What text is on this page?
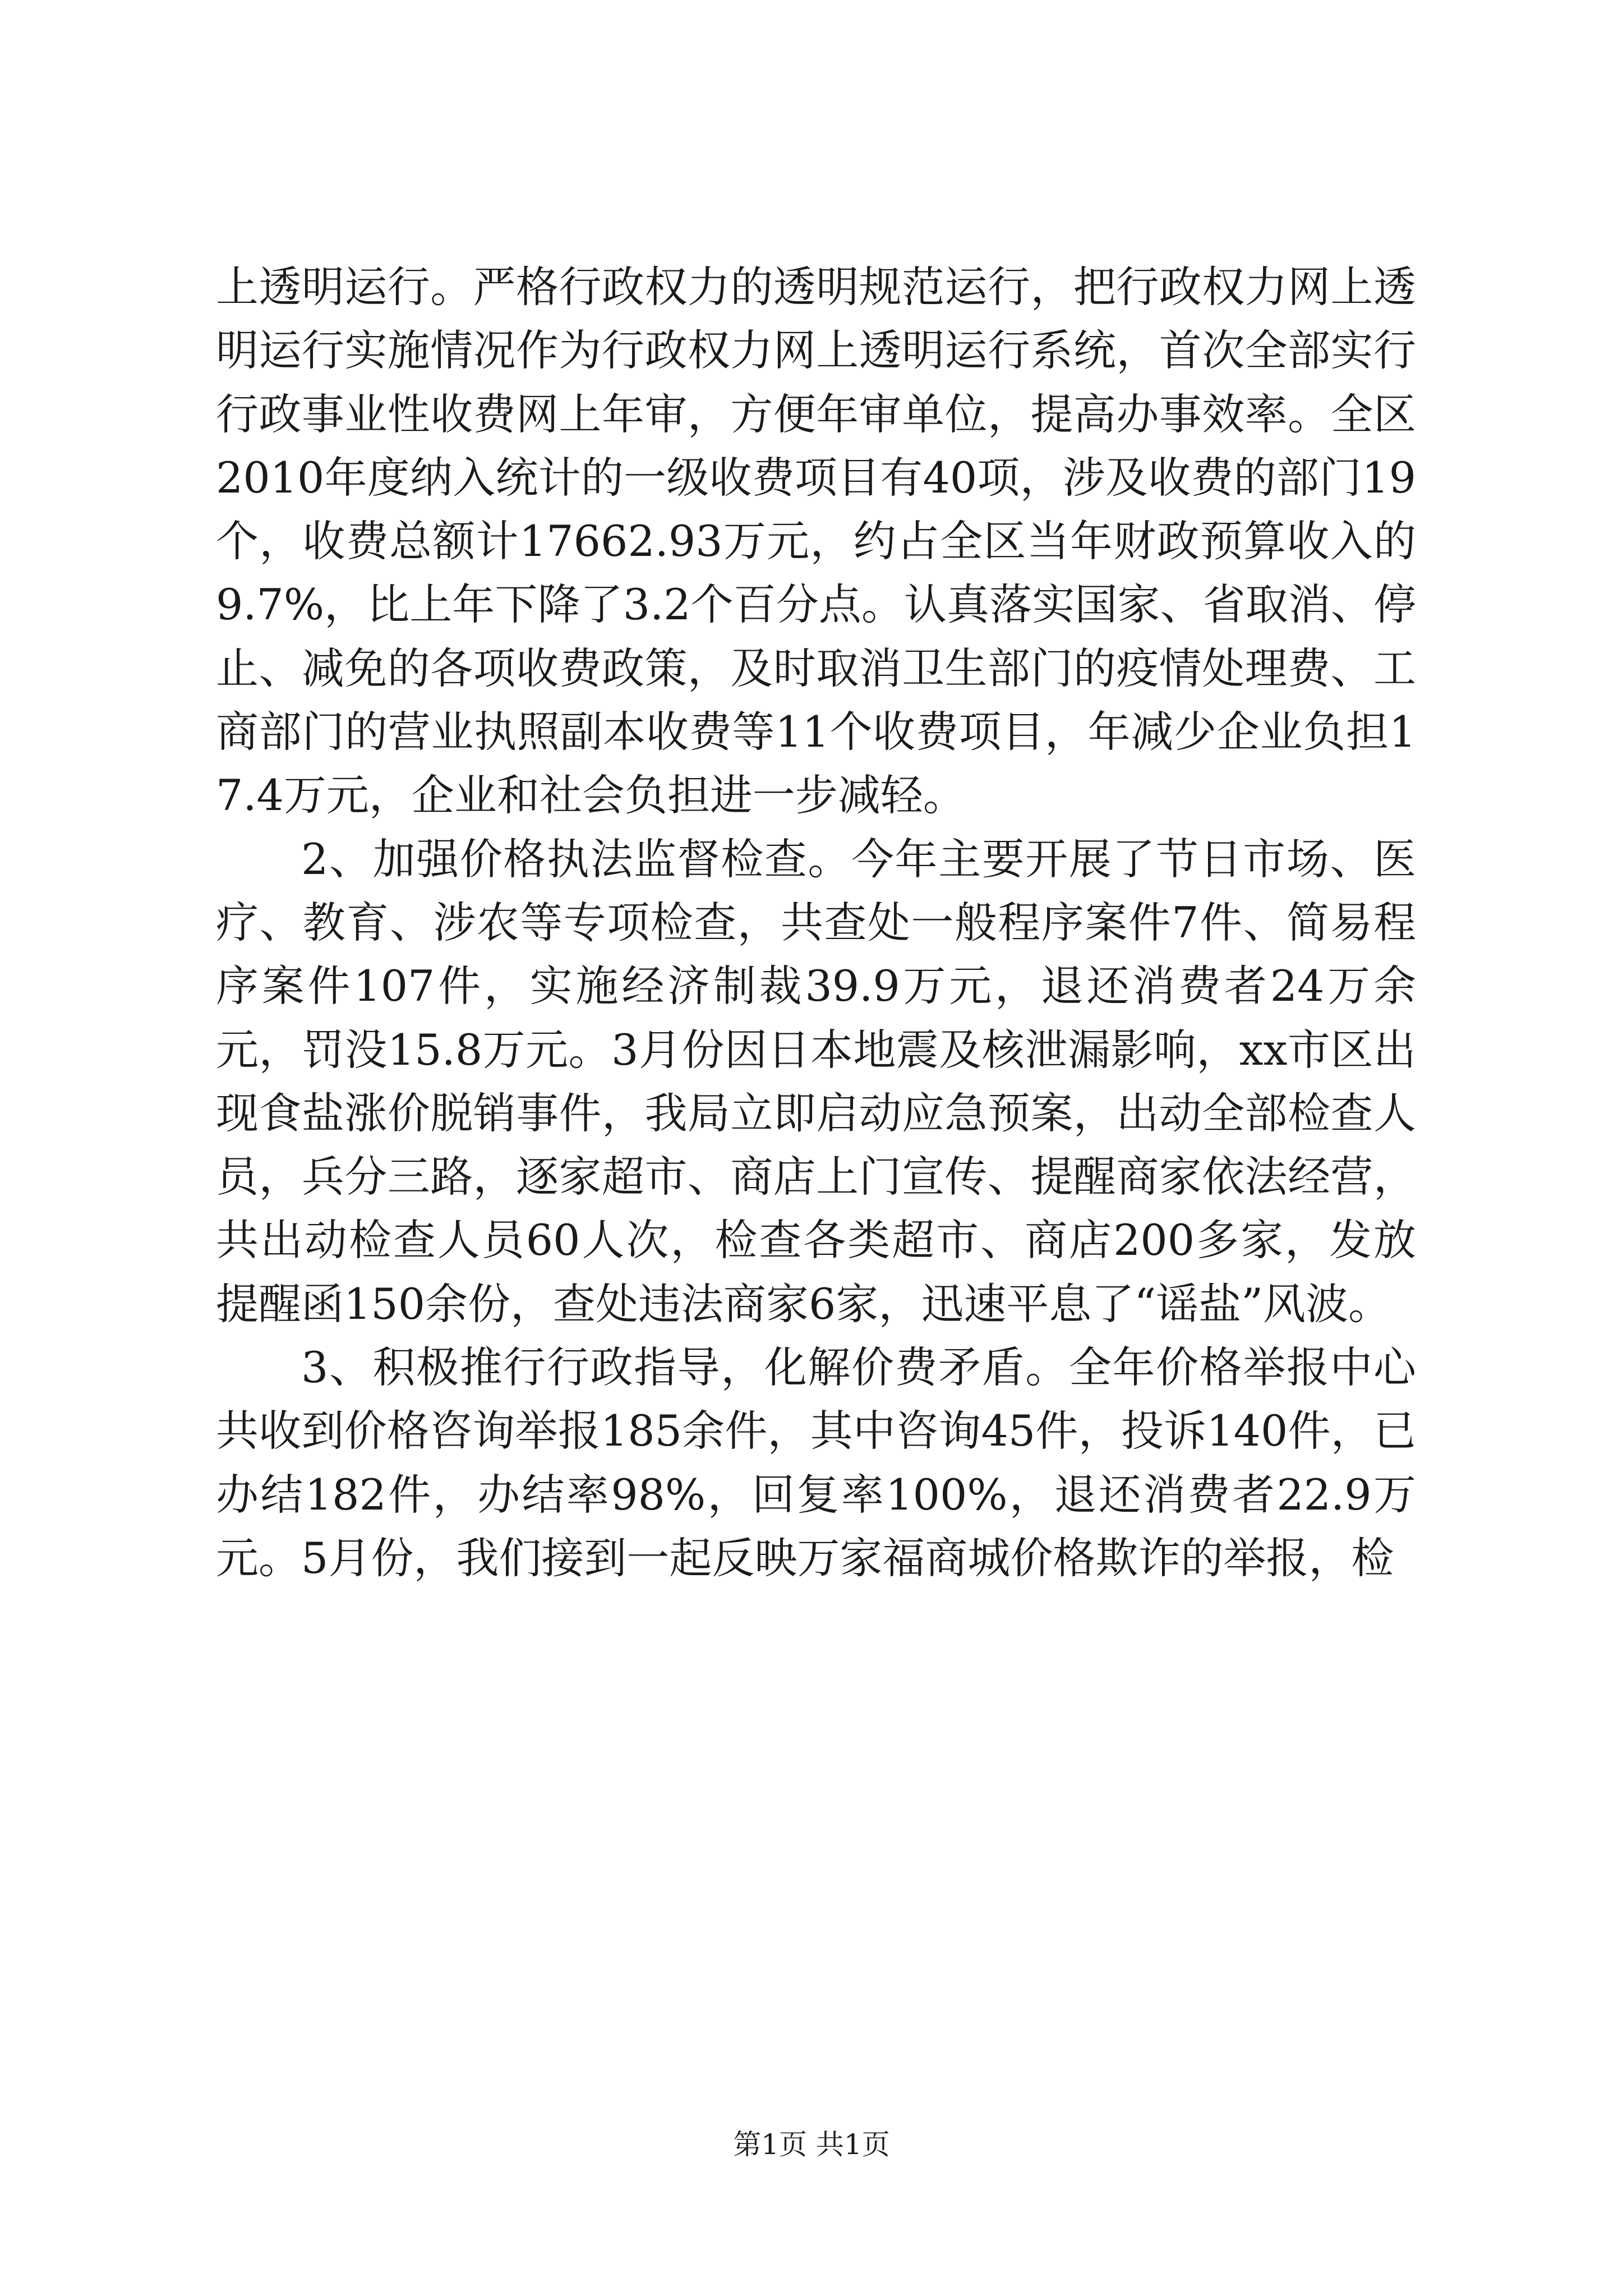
上透明运行。严格行政权力的透明规范运行，把行政权力网上透明运行实施情况作为行政权力网上透明运行系统，首次全部实行行政事业性收费网上年审，方便年审单位，提高办事效率。全区2010年度纳入统计的一级收费项目有40项，涉及收费的部门19个，收费总额计17662.93万元，约占全区当年财政预算收入的9.7%，比上年下降了3.2个百分点。认真落实国家、省取消、停止、减免的各项收费政策，及时取消卫生部门的疫情处理费、工商部门的营业执照副本收费等11个收费项目，年减少企业负担17.4万元，企业和社会负担进一步减轻。

2、加强价格执法监督检查。今年主要开展了节日市场、医疗、教育、涉农等专项检查，共查处一般程序案件7件、简易程序案件107件，实施经济制裁39.9万元，退还消费者24万余元，罚没15.8万元。3月份因日本地震及核泄漏影响，xx市区出现食盐涨价脱销事件，我局立即启动应急预案，出动全部检查人员，兵分三路，逐家超市、商店上门宣传、提醒商家依法经营，共出动检查人员60人次，检查各类超市、商店200多家，发放提醒函150余份，查处违法商家6家，迅速平息了“谣盐”风波。

3、积极推行行政指导，化解价费矛盾。全年价格举报中心共收到价格咨询举报185余件，其中咨询45件，投诉140件，已办结182件，办结率98%，回复率100%，退还消费者22.9万元。5月份，我们接到一起反映万家福商城价格欺诈的举报，检

第1页 共1页
